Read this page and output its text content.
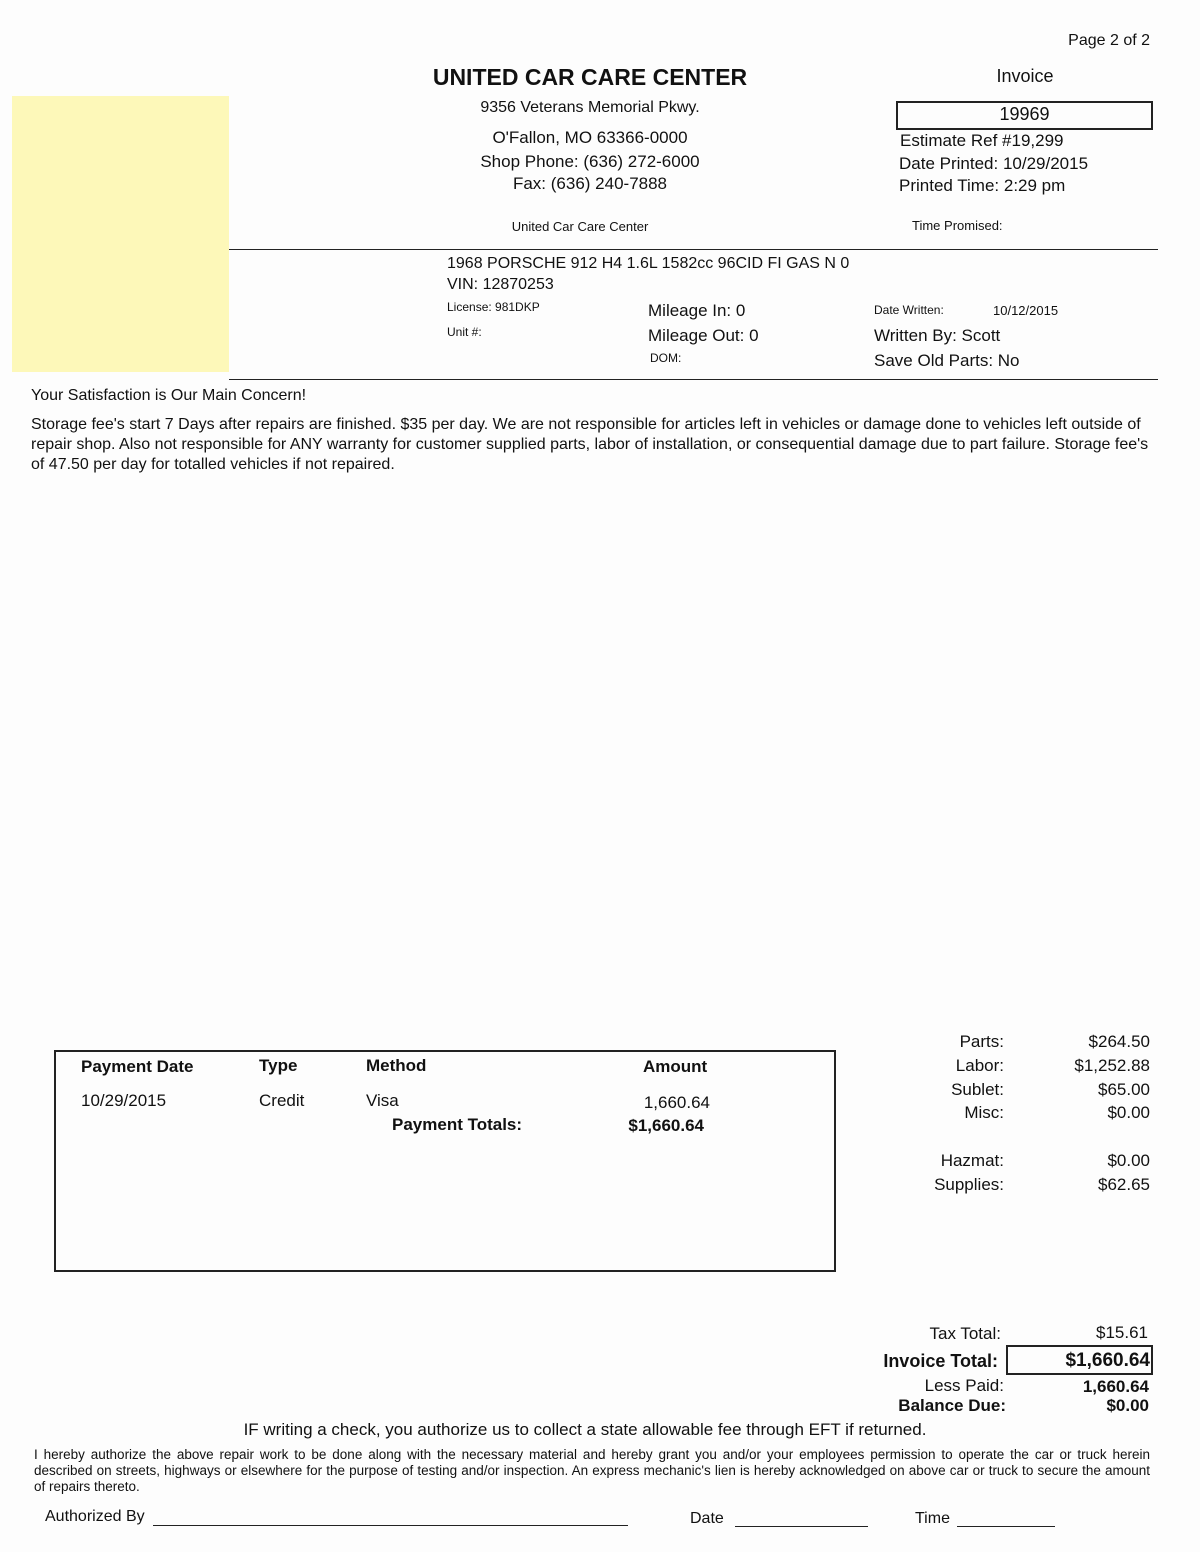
Page 2 of 2
UNITED CAR CARE CENTER
9356 Veterans Memorial Pkwy.
O'Fallon, MO 63366-0000
Shop Phone: (636) 272-6000
Fax: (636) 240-7888
United Car Care Center
Invoice
19969
Estimate Ref #19,299
Date Printed: 10/29/2015
Printed Time: 2:29 pm
Time Promised:
1968 PORSCHE 912 H4 1.6L 1582cc 96CID FI GAS N 0
VIN: 12870253
License: 981DKP
Unit #:
Mileage In: 0
Mileage Out: 0
DOM:
Date Written:	10/12/2015
Written By: Scott
Save Old Parts: No
Your Satisfaction is Our Main Concern!
Storage fee's start 7 Days after repairs are finished. $35 per day. We are not responsible for articles left in vehicles or damage done to vehicles left outside of repair shop. Also not responsible for ANY warranty for customer supplied parts, labor of installation, or consequential damage due to part failure. Storage fee's of 47.50 per day for totalled vehicles if not repaired.
Payment Date	Type	Method	Amount
10/29/2015	Credit	Visa	1,660.64
Payment Totals:	$1,660.64
Parts:	$264.50
Labor:	$1,252.88
Sublet:	$65.00
Misc:	$0.00
Hazmat:	$0.00
Supplies:	$62.65
Tax Total:	$15.61
Invoice Total:	$1,660.64
Less Paid:	1,660.64
Balance Due:	$0.00
IF writing a check, you authorize us to collect a state allowable fee through EFT if returned.
I hereby authorize the above repair work to be done along with the necessary material and hereby grant you and/or your employees permission to operate the car or truck herein described on streets, highways or elsewhere for the purpose of testing and/or inspection. An express mechanic's lien is hereby acknowledged on above car or truck to secure the amount of repairs thereto.
Authorized By	Date	Time
